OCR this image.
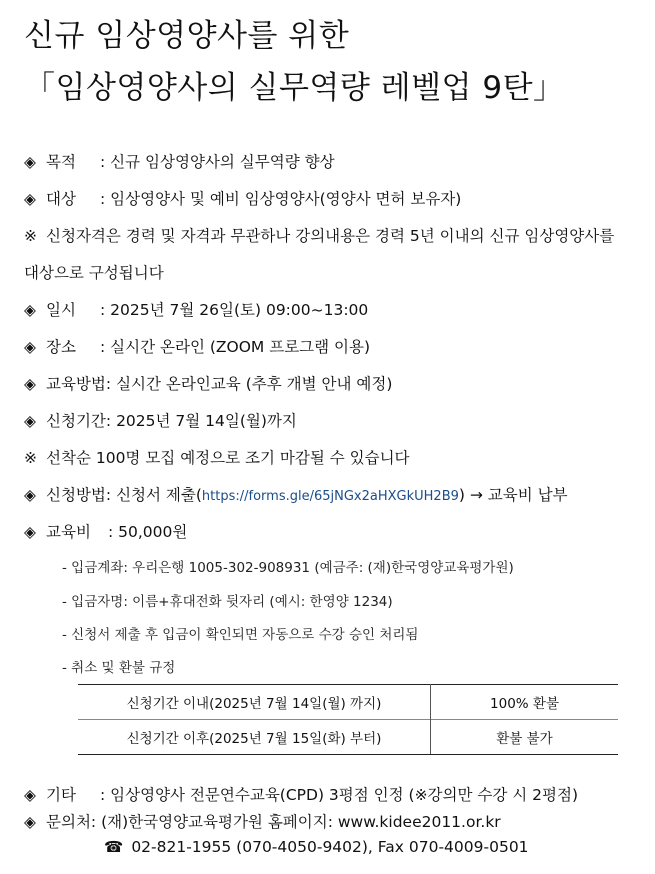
신규 임상영양사를 위한
「임상영양사의 실무역량 레벨업 9탄」
◈ 목적 : 신규 임상영양사의 실무역량 향상
◈ 대상 : 임상영양사 및 예비 임상영양사(영양사 면허 보유자)
※ 신청자격은 경력 및 자격과 무관하나 강의내용은 경력 5년 이내의 신규 임상영양사를
대상으로 구성됩니다
◈ 일시 : 2025년 7월 26일(토) 09:00~13:00
◈ 장소 : 실시간 온라인 (ZOOM 프로그램 이용)
◈ 교육방법: 실시간 온라인교육 (추후 개별 안내 예정)
◈ 신청기간: 2025년 7월 14일(월)까지
※ 선착순 100명 모집 예정으로 조기 마감될 수 있습니다
◈ 신청방법: 신청서 제출(https://forms.gle/65jNGx2aHXGkUH2B9) → 교육비 납부
◈ 교육비 : 50,000원
- 입금계좌: 우리은행 1005-302-908931 (예금주: (재)한국영양교육평가원)
- 입금자명: 이름+휴대전화 뒷자리 (예시: 한영양 1234)
- 신청서 제출 후 입금이 확인되면 자동으로 수강 승인 처리됨
- 취소 및 환불 규정
신청기간 이내(2025년 7월 14일(월) 까지)	100% 환불
신청기간 이후(2025년 7월 15일(화) 부터)	환불 불가
◈ 기타 : 임상영양사 전문연수교육(CPD) 3평점 인정 (※강의만 수강 시 2평점)
◈ 문의처: (재)한국영양교육평가원 홈페이지: www.kidee2011.or.kr
☎ 02-821-1955 (070-4050-9402), Fax 070-4009-0501
